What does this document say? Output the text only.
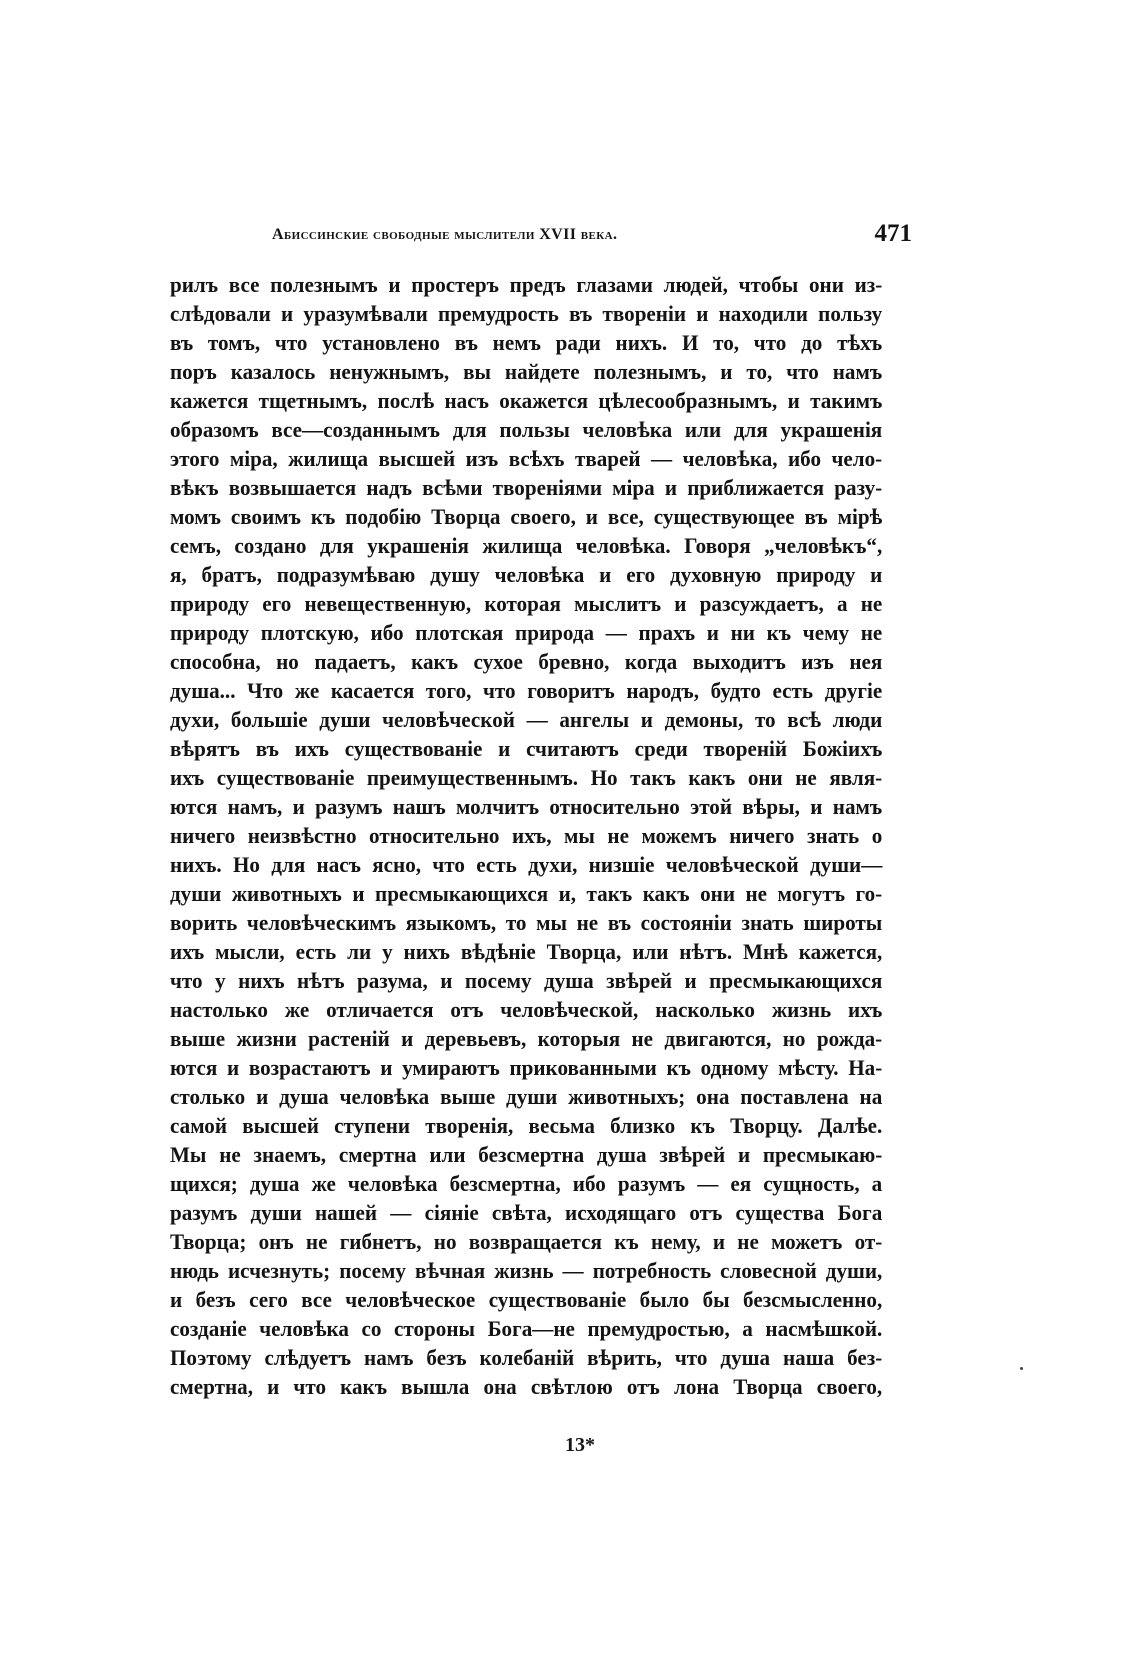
Абиссинские свободные мыслители XVII века.	471
рилъ все полезнымъ и простеръ предъ глазами людей, чтобы они из-
слѣдовали и уразумѣвали премудрость въ твореніи и находили пользу
въ томъ, что установлено въ немъ ради нихъ. И то, что до тѣхъ
поръ казалось ненужнымъ, вы найдете полезнымъ, и то, что намъ
кажется тщетнымъ, послѣ насъ окажется цѣлесообразнымъ, и такимъ
образомъ все—созданнымъ для пользы человѣка или для украшенія
этого міра, жилища высшей изъ всѣхъ тварей — человѣка, ибо чело-
вѣкъ возвышается надъ всѣми твореніями міра и приближается разу-
момъ своимъ къ подобію Творца своего, и все, существующее въ мірѣ
семъ, создано для украшенія жилища человѣка. Говоря „человѣкъ“,
я, братъ, подразумѣваю душу человѣка и его духовную природу и
природу его невещественную, которая мыслитъ и разсуждаетъ, а не
природу плотскую, ибо плотская природа — прахъ и ни къ чему не
способна, но падаетъ, какъ сухое бревно, когда выходитъ изъ нея
душа... Что же касается того, что говоритъ народъ, будто есть другіе
духи, большіе души человѣческой — ангелы и демоны, то всѣ люди
вѣрятъ въ ихъ существованіе и считаютъ среди твореній Божіихъ
ихъ существованіе преимущественнымъ. Но такъ какъ они не явля-
ются намъ, и разумъ нашъ молчитъ относительно этой вѣры, и намъ
ничего неизвѣстно относительно ихъ, мы не можемъ ничего знать о
нихъ. Но для насъ ясно, что есть духи, низшіе человѣческой души—
души животныхъ и пресмыкающихся и, такъ какъ они не могутъ го-
ворить человѣческимъ языкомъ, то мы не въ состояніи знать широты
ихъ мысли, есть ли у нихъ вѣдѣніе Творца, или нѣтъ. Мнѣ кажется,
что у нихъ нѣтъ разума, и посему душа звѣрей и пресмыкающихся
настолько же отличается отъ человѣческой, насколько жизнь ихъ
выше жизни растеній и деревьевъ, которыя не двигаются, но рожда-
ются и возрастаютъ и умираютъ прикованными къ одному мѣсту. На-
столько и душа человѣка выше души животныхъ; она поставлена на
самой высшей ступени творенія, весьма близко къ Творцу. Далѣе.
Мы не знаемъ, смертна или безсмертна душа звѣрей и пресмыкаю-
щихся; душа же человѣка безсмертна, ибо разумъ — ея сущность, а
разумъ души нашей — сіяніе свѣта, исходящаго отъ существа Бога
Творца; онъ не гибнетъ, но возвращается къ нему, и не можетъ от-
нюдь исчезнуть; посему вѣчная жизнь — потребность словесной души,
и безъ сего все человѣческое существованіе было бы безсмысленно,
созданіе человѣка со стороны Бога—не премудростью, а насмѣшкой.
Поэтому слѣдуетъ намъ безъ колебаній вѣрить, что душа наша без-
смертна, и что какъ вышла она свѣтлою отъ лона Творца своего,
13*
